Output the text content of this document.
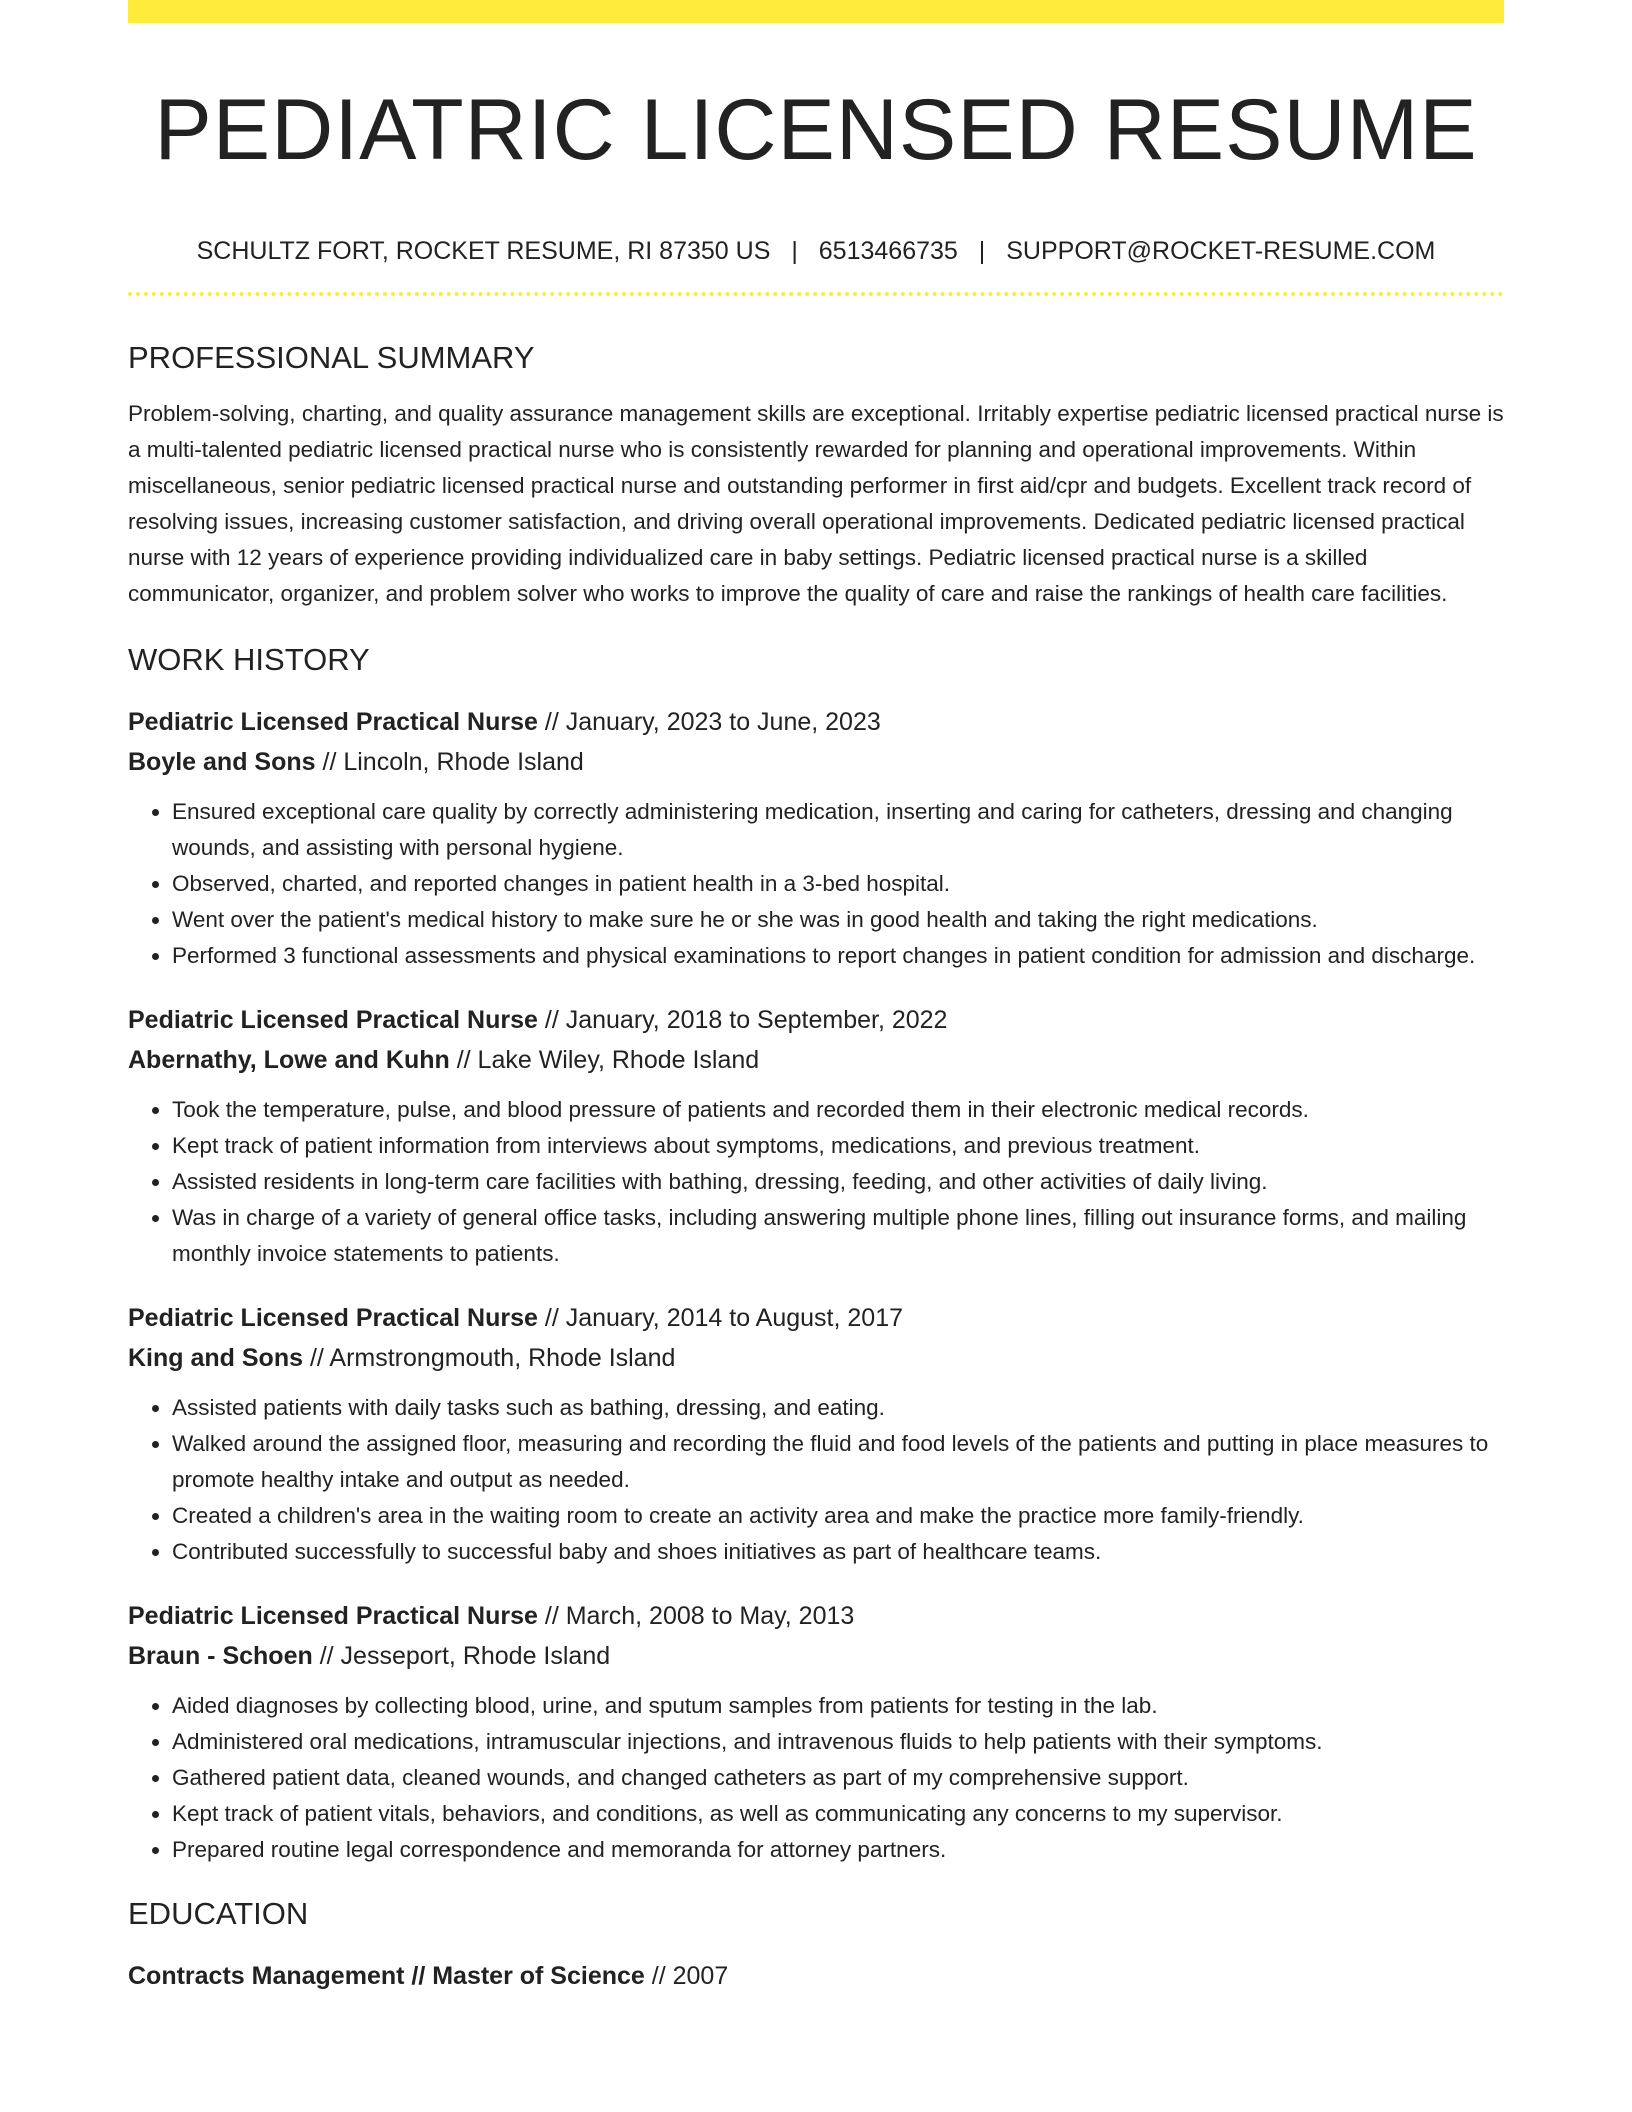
PEDIATRIC LICENSED RESUME
SCHULTZ FORT, ROCKET RESUME, RI 87350 US | 6513466735 | SUPPORT@ROCKET-RESUME.COM
PROFESSIONAL SUMMARY
Problem-solving, charting, and quality assurance management skills are exceptional. Irritably expertise pediatric licensed practical nurse is a multi-talented pediatric licensed practical nurse who is consistently rewarded for planning and operational improvements. Within miscellaneous, senior pediatric licensed practical nurse and outstanding performer in first aid/cpr and budgets. Excellent track record of resolving issues, increasing customer satisfaction, and driving overall operational improvements. Dedicated pediatric licensed practical nurse with 12 years of experience providing individualized care in baby settings. Pediatric licensed practical nurse is a skilled communicator, organizer, and problem solver who works to improve the quality of care and raise the rankings of health care facilities.
WORK HISTORY
Pediatric Licensed Practical Nurse // January, 2023 to June, 2023
Boyle and Sons // Lincoln, Rhode Island
• Ensured exceptional care quality by correctly administering medication, inserting and caring for catheters, dressing and changing wounds, and assisting with personal hygiene.
• Observed, charted, and reported changes in patient health in a 3-bed hospital.
• Went over the patient's medical history to make sure he or she was in good health and taking the right medications.
• Performed 3 functional assessments and physical examinations to report changes in patient condition for admission and discharge.
Pediatric Licensed Practical Nurse // January, 2018 to September, 2022
Abernathy, Lowe and Kuhn // Lake Wiley, Rhode Island
• Took the temperature, pulse, and blood pressure of patients and recorded them in their electronic medical records.
• Kept track of patient information from interviews about symptoms, medications, and previous treatment.
• Assisted residents in long-term care facilities with bathing, dressing, feeding, and other activities of daily living.
• Was in charge of a variety of general office tasks, including answering multiple phone lines, filling out insurance forms, and mailing monthly invoice statements to patients.
Pediatric Licensed Practical Nurse // January, 2014 to August, 2017
King and Sons // Armstrongmouth, Rhode Island
• Assisted patients with daily tasks such as bathing, dressing, and eating.
• Walked around the assigned floor, measuring and recording the fluid and food levels of the patients and putting in place measures to promote healthy intake and output as needed.
• Created a children's area in the waiting room to create an activity area and make the practice more family-friendly.
• Contributed successfully to successful baby and shoes initiatives as part of healthcare teams.
Pediatric Licensed Practical Nurse // March, 2008 to May, 2013
Braun - Schoen // Jesseport, Rhode Island
• Aided diagnoses by collecting blood, urine, and sputum samples from patients for testing in the lab.
• Administered oral medications, intramuscular injections, and intravenous fluids to help patients with their symptoms.
• Gathered patient data, cleaned wounds, and changed catheters as part of my comprehensive support.
• Kept track of patient vitals, behaviors, and conditions, as well as communicating any concerns to my supervisor.
• Prepared routine legal correspondence and memoranda for attorney partners.
EDUCATION
Contracts Management // Master of Science // 2007
